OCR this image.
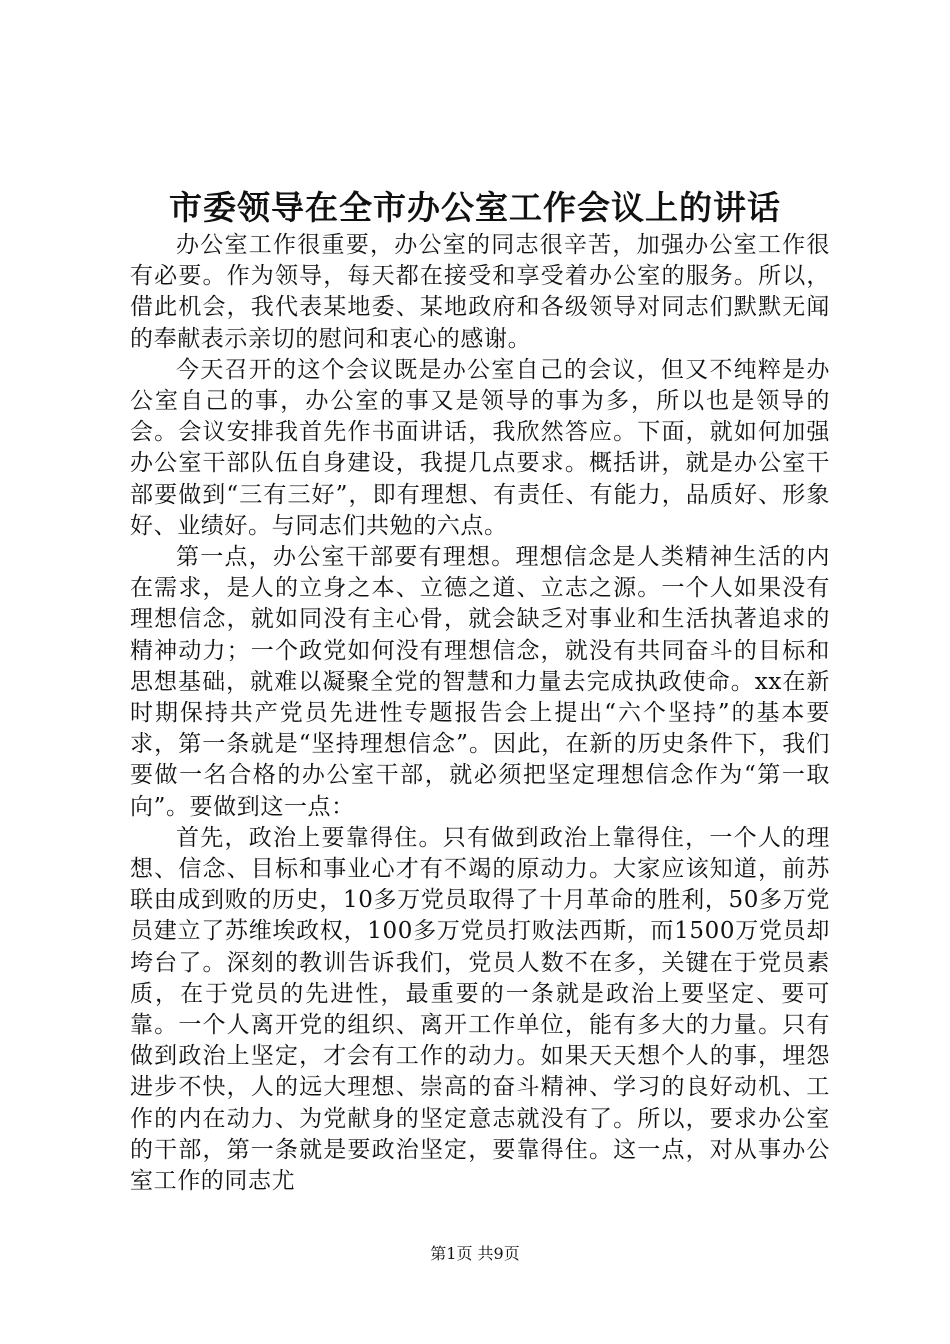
市委领导在全市办公室工作会议上的讲话

办公室工作很重要，办公室的同志很辛苦，加强办公室工作很有必要。作为领导，每天都在接受和享受着办公室的服务。所以，借此机会，我代表某地委、某地政府和各级领导对同志们默默无闻的奉献表示亲切的慰问和衷心的感谢。

今天召开的这个会议既是办公室自己的会议，但又不纯粹是办公室自己的事，办公室的事又是领导的事为多，所以也是领导的会。会议安排我首先作书面讲话，我欣然答应。下面，就如何加强办公室干部队伍自身建设，我提几点要求。概括讲，就是办公室干部要做到“三有三好”，即有理想、有责任、有能力，品质好、形象好、业绩好。与同志们共勉的六点。

第一点，办公室干部要有理想。理想信念是人类精神生活的内在需求，是人的立身之本、立德之道、立志之源。一个人如果没有理想信念，就如同没有主心骨，就会缺乏对事业和生活执著追求的精神动力；一个政党如何没有理想信念，就没有共同奋斗的目标和思想基础，就难以凝聚全党的智慧和力量去完成执政使命。xx在新时期保持共产党员先进性专题报告会上提出“六个坚持”的基本要求，第一条就是“坚持理想信念”。因此，在新的历史条件下，我们要做一名合格的办公室干部，就必须把坚定理想信念作为“第一取向”。要做到这一点：

首先，政治上要靠得住。只有做到政治上靠得住，一个人的理想、信念、目标和事业心才有不竭的原动力。大家应该知道，前苏联由成到败的历史，10多万党员取得了十月革命的胜利，50多万党员建立了苏维埃政权，100多万党员打败法西斯，而1500万党员却垮台了。深刻的教训告诉我们，党员人数不在多，关键在于党员素质，在于党员的先进性，最重要的一条就是政治上要坚定、要可靠。一个人离开党的组织、离开工作单位，能有多大的力量。只有做到政治上坚定，才会有工作的动力。如果天天想个人的事，埋怨进步不快，人的远大理想、崇高的奋斗精神、学习的良好动机、工作的内在动力、为党献身的坚定意志就没有了。所以，要求办公室的干部，第一条就是要政治坚定，要靠得住。这一点，对从事办公室工作的同志尤

第1页 共9页
